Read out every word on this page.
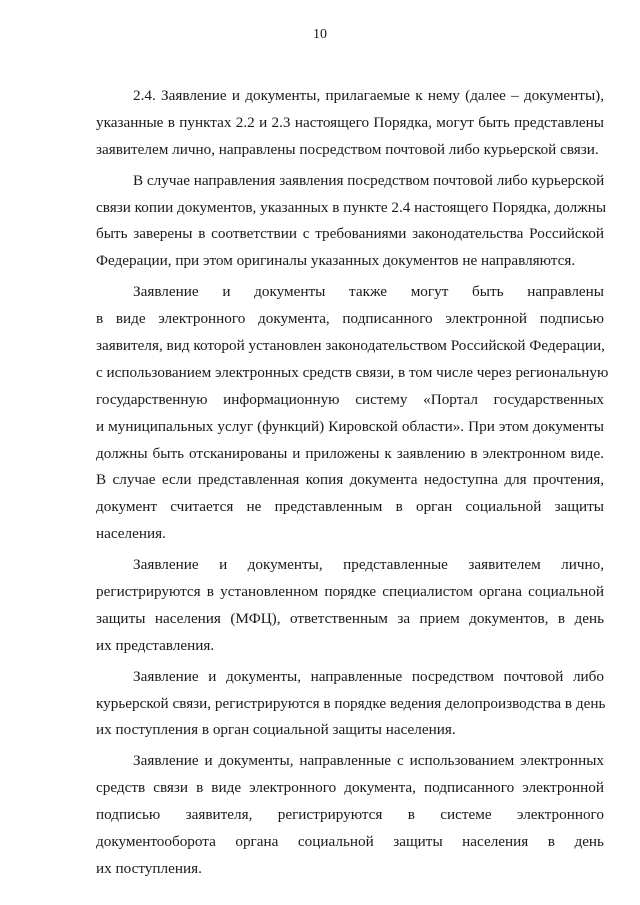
10
2.4. Заявление и документы, прилагаемые к нему (далее – документы),
указанные в пунктах 2.2 и 2.3 настоящего Порядка, могут быть представлены
заявителем лично, направлены посредством почтовой либо курьерской связи.
В случае направления заявления посредством почтовой либо курьерской
связи копии документов, указанных в пункте 2.4 настоящего Порядка, должны
быть заверены в соответствии с требованиями законодательства Российской
Федерации, при этом оригиналы указанных документов не направляются.
Заявление и документы также могут быть направлены
в виде электронного документа, подписанного электронной подписью
заявителя, вид которой установлен законодательством Российской Федерации,
с использованием электронных средств связи, в том числе через региональную
государственную информационную систему «Портал государственных
и муниципальных услуг (функций) Кировской области». При этом документы
должны быть отсканированы и приложены к заявлению в электронном виде.
В случае если представленная копия документа недоступна для прочтения,
документ считается не представленным в орган социальной защиты
населения.
Заявление и документы, представленные заявителем лично,
регистрируются в установленном порядке специалистом органа социальной
защиты населения (МФЦ), ответственным за прием документов, в день
их представления.
Заявление и документы, направленные посредством почтовой либо
курьерской связи, регистрируются в порядке ведения делопроизводства в день
их поступления в орган социальной защиты населения.
Заявление и документы, направленные с использованием электронных
средств связи в виде электронного документа, подписанного электронной
подписью заявителя, регистрируются в системе электронного
документооборота органа социальной защиты населения в день
их поступления.
